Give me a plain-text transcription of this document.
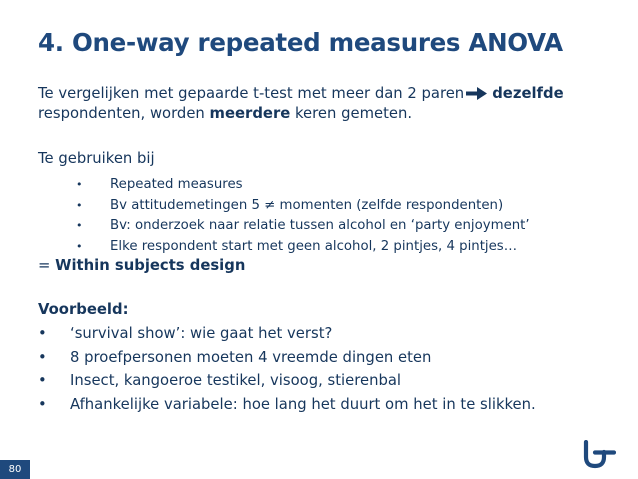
4. One-way repeated measures ANOVA
Te vergelijken met gepaarde t-test met meer dan 2 paren dezelfde
respondenten, worden meerdere keren gemeten.
Te gebruiken bij
• Repeated measures
• Bv attitudemetingen 5 ≠ momenten (zelfde respondenten)
• Bv: onderzoek naar relatie tussen alcohol en ‘party enjoyment’
• Elke respondent start met geen alcohol, 2 pintjes, 4 pintjes…
= Within subjects design
Voorbeeld:
• ‘survival show’: wie gaat het verst?
• 8 proefpersonen moeten 4 vreemde dingen eten
• Insect, kangoeroe testikel, visoog, stierenbal
• Afhankelijke variabele: hoe lang het duurt om het in te slikken.
80
